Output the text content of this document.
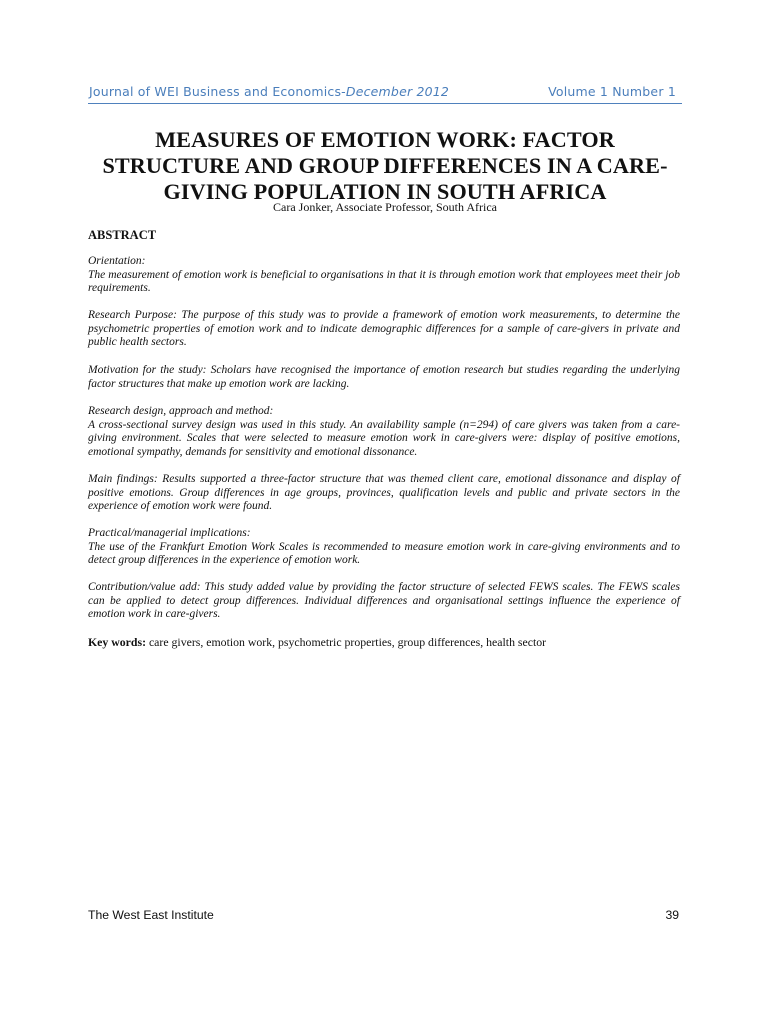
Journal of WEI Business and Economics-December 2012	Volume 1 Number 1
MEASURES OF EMOTION WORK: FACTOR
STRUCTURE AND GROUP DIFFERENCES IN A CARE-
GIVING POPULATION IN SOUTH AFRICA
Cara Jonker, Associate Professor, South Africa
ABSTRACT

Orientation:

The measurement of emotion work is beneficial to organisations in that it is through emotion work that employees meet their job requirements.

Research Purpose: The purpose of this study was to provide a framework of emotion work measurements, to determine the psychometric properties of emotion work and to indicate demographic differences for a sample of care-givers in private and public health sectors.

Motivation for the study: Scholars have recognised the importance of emotion research but studies regarding the underlying factor structures that make up emotion work are lacking.

Research design, approach and method:

A cross-sectional survey design was used in this study. An availability sample (n=294) of care givers was taken from a care-giving environment. Scales that were selected to measure emotion work in care-givers were: display of positive emotions, emotional sympathy, demands for sensitivity and emotional dissonance.

Main findings: Results supported a three-factor structure that was themed client care, emotional dissonance and display of positive emotions. Group differences in age groups, provinces, qualification levels and public and private sectors in the experience of emotion work were found.

Practical/managerial implications:

The use of the Frankfurt Emotion Work Scales is recommended to measure emotion work in care-giving environments and to detect group differences in the experience of emotion work.

Contribution/value add: This study added value by providing the factor structure of selected FEWS scales. The FEWS scales can be applied to detect group differences. Individual differences and organisational settings influence the experience of emotion work in care-givers.

Key words: care givers, emotion work, psychometric properties, group differences, health sector
The West East Institute	39
